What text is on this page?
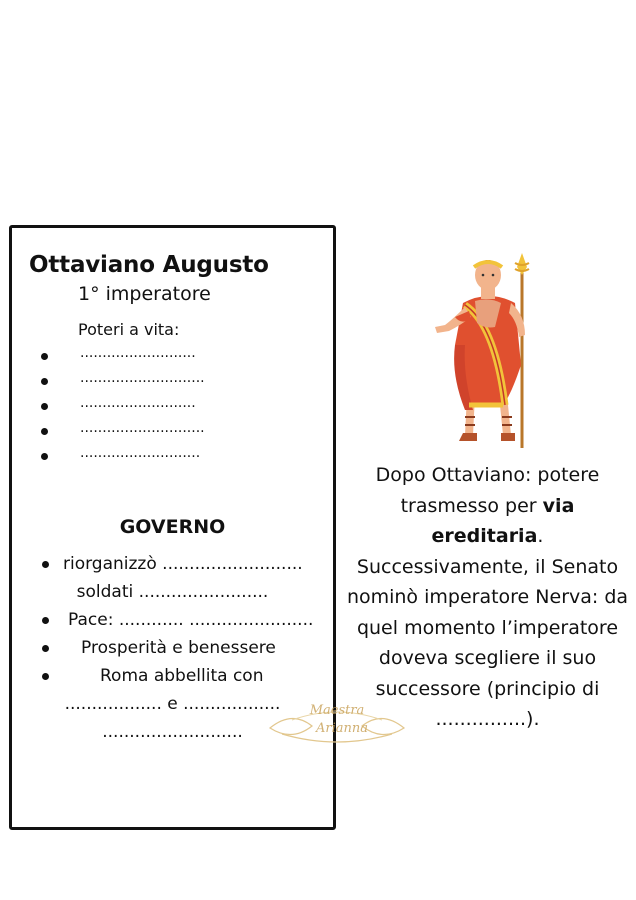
Ottaviano Augusto
1° imperatore
Poteri a vita:
..........................
............................
..........................
............................
...........................
GOVERNO
riorganizzò ..........................
soldati ........................
Pace: ............ .......................
Prosperità e benessere
Roma abbellita con
.................. e ..................
..........................
Dopo Ottaviano: potere trasmesso per via ereditaria. Successivamente, il Senato nominò imperatore Nerva: da quel momento l’imperatore doveva scegliere il suo successore (principio di ...............).
Maestra
Arianna
